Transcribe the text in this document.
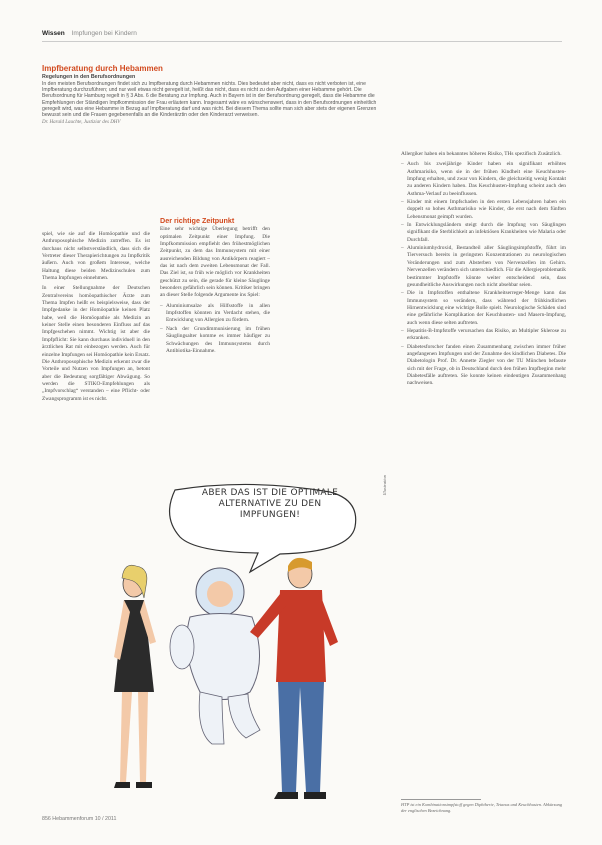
Wissen Impfungen bei Kindern
Impfberatung durch Hebammen
Regelungen in den Berufsordnungen

In den meisten Berufsordnungen findet sich zu Impfberatung durch Hebammen nichts. Dies bedeutet aber nicht, dass es nicht verboten ist, eine Impfberatung durchzuführen; und nur weil etwas nicht geregelt ist, heißt das nicht, dass es nicht zu den Aufgaben einer Hebamme gehört. Die Berufsordnung für Hamburg regelt in § 3 Abs. 6 die Beratung zur Impfung. Auch in Bayern ist in der Berufsordnung geregelt, dass die Hebamme die Empfehlungen der Ständigen Impfkommission der Frau erläutern kann. Insgesamt wäre es wünschenswert, dass in den Berufsordnungen einheitlich geregelt wird, was eine Hebamme in Bezug auf Impfberatung darf und was nicht. Bei diesem Thema sollte man sich aber stets der eigenen Grenzen bewusst sein und die Frauen gegebenenfalls an die Kinderärztin oder den Kinderarzt verweisen.

Dr. Harald Lauchte, Justiziar des DHV

spiel, wie sie auf die Homöopathie und die Anthroposophische Medizin zutreffen. Es ist durchaus nicht selbstverständlich, dass sich die Vertreter dieser Therapierichtungen zu Impfkritik äußern. Auch von großem Interesse, welche Haltung diese beiden Medizinschulen zum Thema Impfungen einnehmen.

In einer Stellungnahme der Deutschen Zentralvereins homöopathischer Ärzte zum Thema Impfen heißt es beispielsweise, dass der Impfgedanke in der Homöopathie keinen Platz habe, weil die Homöopathie als Medizin an keiner Stelle einen besonderen Einfluss auf das Impfgeschehen nimmt. Wichtig ist aber die Impfpflicht: Sie kann durchaus individuell in den ärztlichen Rat mit einbezogen werden. Auch für einzelne Impfungen sei Homöopathie kein Ersatz. Die Anthroposophische Medizin erkennt zwar die Vorteile und Nutzen von Impfungen an, betont aber die Bedeutung sorgfältiger Abwägung. So werden die STIKO-Empfehlungen als „Impfvorschlag“ verstanden – eine Pflicht- oder Zwangsprogramm ist es nicht.

Der richtige Zeitpunkt

Eine sehr wichtige Überlegung betrifft den optimalen Zeitpunkt einer Impfung. Die Impfkommission empfiehlt den frühestmöglichen Zeitpunkt, zu dem das Immunsystem mit einer ausreichenden Bildung von Antikörpern reagiert – das ist nach dem zweiten Lebensmonat der Fall. Das Ziel ist, so früh wie möglich vor Krankheiten geschützt zu sein, die gerade für kleine Säuglinge besonders gefährlich sein können. Kritiker bringen an dieser Stelle folgende Argumente ins Spiel:

– Aluminiumsalze als Hilfsstoffe in allen Impfstoffen könnten im Verdacht stehen, die Entwicklung von Allergien zu fördern.
– Nach der Grundimmunisierung im frühen Säuglingsalter komme es immer häufiger zu Schwächungen des Immunsystems durch Antibiotika-Einnahme.

Allergiker haben ein bekanntes höheres Risiko, THs spezifisch Zusätzlich.

– Auch bis zweijährige Kinder haben ein signifikant erhöhtes Asthmarisiko, wenn sie in der frühen Kindheit eine Keuchhusten-Impfung erhalten, und zwar von Kindern, die gleichzeitig wenig Kontakt zu anderen Kindern haben. Das Keuchhusten-Impfung scheint auch den Asthma-Verlauf zu beeinflussen.
– Kinder mit einem Impfschaden in den ersten Lebensjahren haben ein doppelt so hohes Asthmarisiko wie Kinder, die erst nach dem fünften Lebensmonat geimpft wurden.
– In Entwicklungsländern steigt durch die Impfung von Säuglingen signifikant die Sterblichkeit an infektiösen Krankheiten wie Malaria oder Durchfall.
– Aluminiumhydroxid, Bestandteil aller Säuglingsimpfstoffe, führt im Tierversuch bereits in geringsten Konzentrationen zu neurologischen Veränderungen und zum Absterben von Nervenzellen im Gehirn. Nervenzellen verändern sich unterschiedlich. Für die Allergieproblematik bestimmter Impfstoffe könnte weiter entscheidend sein, dass gesundheitliche Auswirkungen noch nicht absehbar seien.
– Die in Impfstoffen enthaltene Krankheitserreger-Menge kann das Immunsystem so verändern, dass während der frühkindlichen Hirnentwicklung eine wichtige Rolle spielt. Neurologische Schäden sind eine gefährliche Komplikation der Keuchhusten- und Masern-Impfung, auch wenn diese selten auftreten.
– Hepatitis-B-Impfstoffe verursachen das Risiko, an Multipler Sklerose zu erkranken.
– Diabetesforscher fanden einen Zusammenhang zwischen immer früher angefangenen Impfungen und der Zunahme des kindlichen Diabetes. Die Diabetologin Prof. Dr. Annette Ziegler von der TU München befasste sich mit der Frage, ob in Deutschland durch den frühen Impfbeginn mehr Diabetesfälle auftreten. Sie konnte keinen eindeutigen Zusammenhang nachweisen.
Illustration
ABER DAS IST DIE OPTIMALE ALTERNATIVE ZU DEN IMPFUNGEN!
HTP ist ein Kombinationsimpfstoff gegen Diphtherie, Tetanus und Keuchhusten. Abkürzung der englischen Bezeichnung.
856 Hebammenforum 10 / 2011
